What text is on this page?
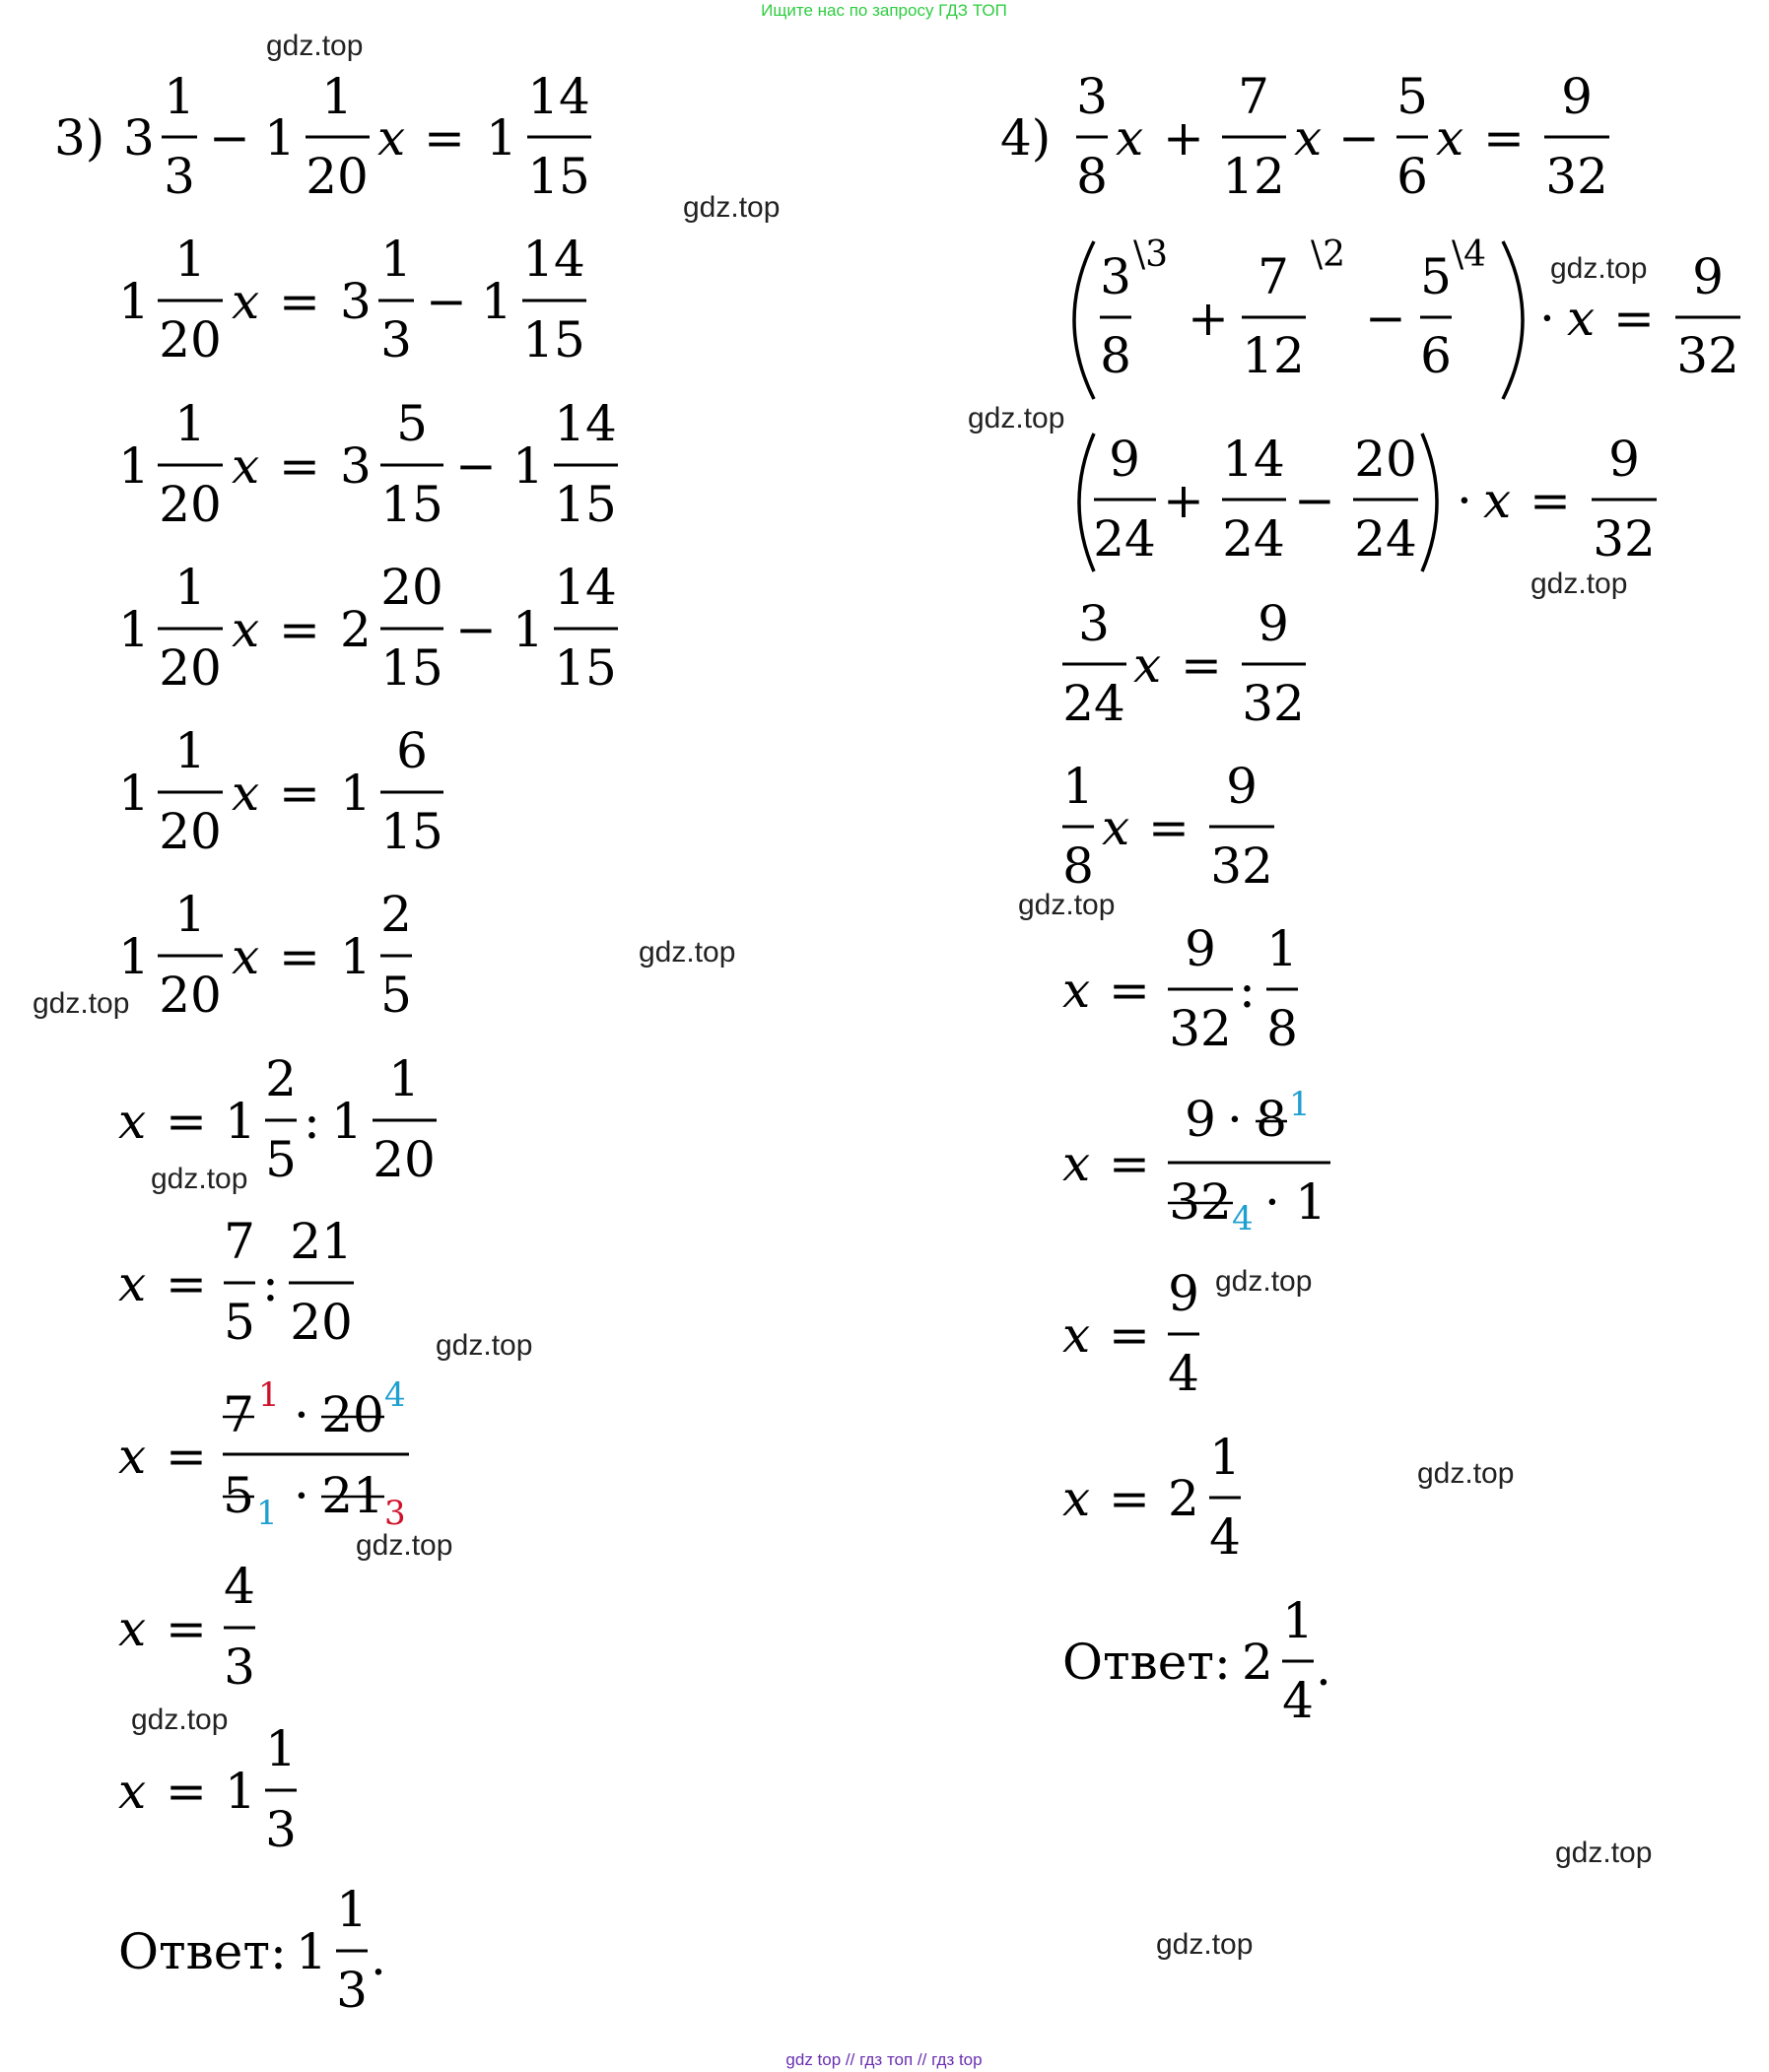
Ищите нас по запросу ГДЗ ТОП
gdz top // гдз топ // гдз top
gdz.top
gdz.top
gdz.top
gdz.top
gdz.top
gdz.top
gdz.top
gdz.top
gdz.top
gdz.top
gdz.top
gdz.top
gdz.top
gdz.top
gdz.top
gdz.top
3) 3
1
3
− 1
1
20
x = 1
14
15
1
1
20
x = 3
1
3
− 1
14
15
1
1
20
x = 3
5
15
− 1
14
15
1
1
20
x = 2
20
15
− 1
14
15
1
1
20
x = 1
6
15
1
1
20
x = 1
2
5
x = 1
2
5
: 1
1
20
x =
7
5
:
21
20
x =
7 1 · 20 4
5 1 · 21 3
x =
4
3
x = 1
1
3
Ответ: 1
1
3
.
4)
3
8
x +
7
12
x −
5
6
x =
9
32
3
8
\3
+
7
12
\2
−
5
6
\4
· x =
9
32
9
24
+
14
24
−
20
24
· x =
9
32
3
24
x =
9
32
1
8
x =
9
32
x =
9
32
:
1
8
x =
9 · 8 1
32 4 · 1
x =
9
4
x = 2
1
4
Ответ: 2
1
4
.
